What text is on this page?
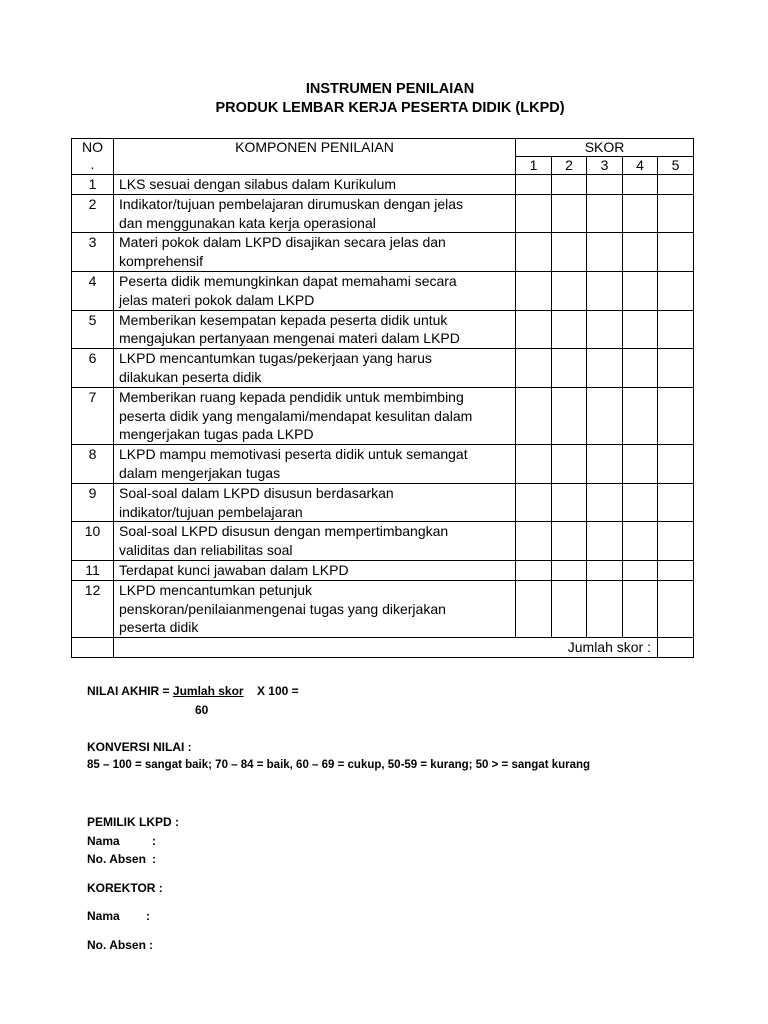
INSTRUMEN PENILAIAN
PRODUK LEMBAR KERJA PESERTA DIDIK (LKPD)
NO
.	KOMPONEN PENILAIAN	SKOR				
		1	2	3	4	5
1	LKS sesuai dengan silabus dalam Kurikulum					

2	Indikator/tujuan pembelajaran dirumuskan dengan jelas
dan menggunakan kata kerja operasional					

3	Materi pokok dalam LKPD disajikan secara jelas dan
komprehensif					

4	Peserta didik memungkinkan dapat memahami secara
jelas materi pokok dalam LKPD					

5	Memberikan kesempatan kepada peserta didik untuk
mengajukan pertanyaan mengenai materi dalam LKPD					

6	LKPD mencantumkan tugas/pekerjaan yang harus
dilakukan peserta didik					

7	Memberikan ruang kepada pendidik untuk membimbing
peserta didik yang mengalami/mendapat kesulitan dalam
mengerjakan tugas pada LKPD					

8	LKPD mampu memotivasi peserta didik untuk semangat
dalam mengerjakan tugas					

9	Soal-soal dalam LKPD disusun berdasarkan
indikator/tujuan pembelajaran					

10	Soal-soal LKPD disusun dengan mempertimbangkan
validitas dan reliabilitas soal					

11	Terdapat kunci jawaban dalam LKPD					

12	LKPD mencantumkan petunjuk
penskoran/penilaianmengenai tugas yang dikerjakan
peserta didik					

	Jumlah skor :					
NILAI AKHIR = Jumlah skor X 100 =
60
KONVERSI NILAI :
85 – 100 = sangat baik; 70 – 84 = baik, 60 – 69 = cukup, 50-59 = kurang; 50 > = sangat kurang
PEMILIK LKPD :
Nama	:
No. Absen :
KOREKTOR :
Nama :
No. Absen :
